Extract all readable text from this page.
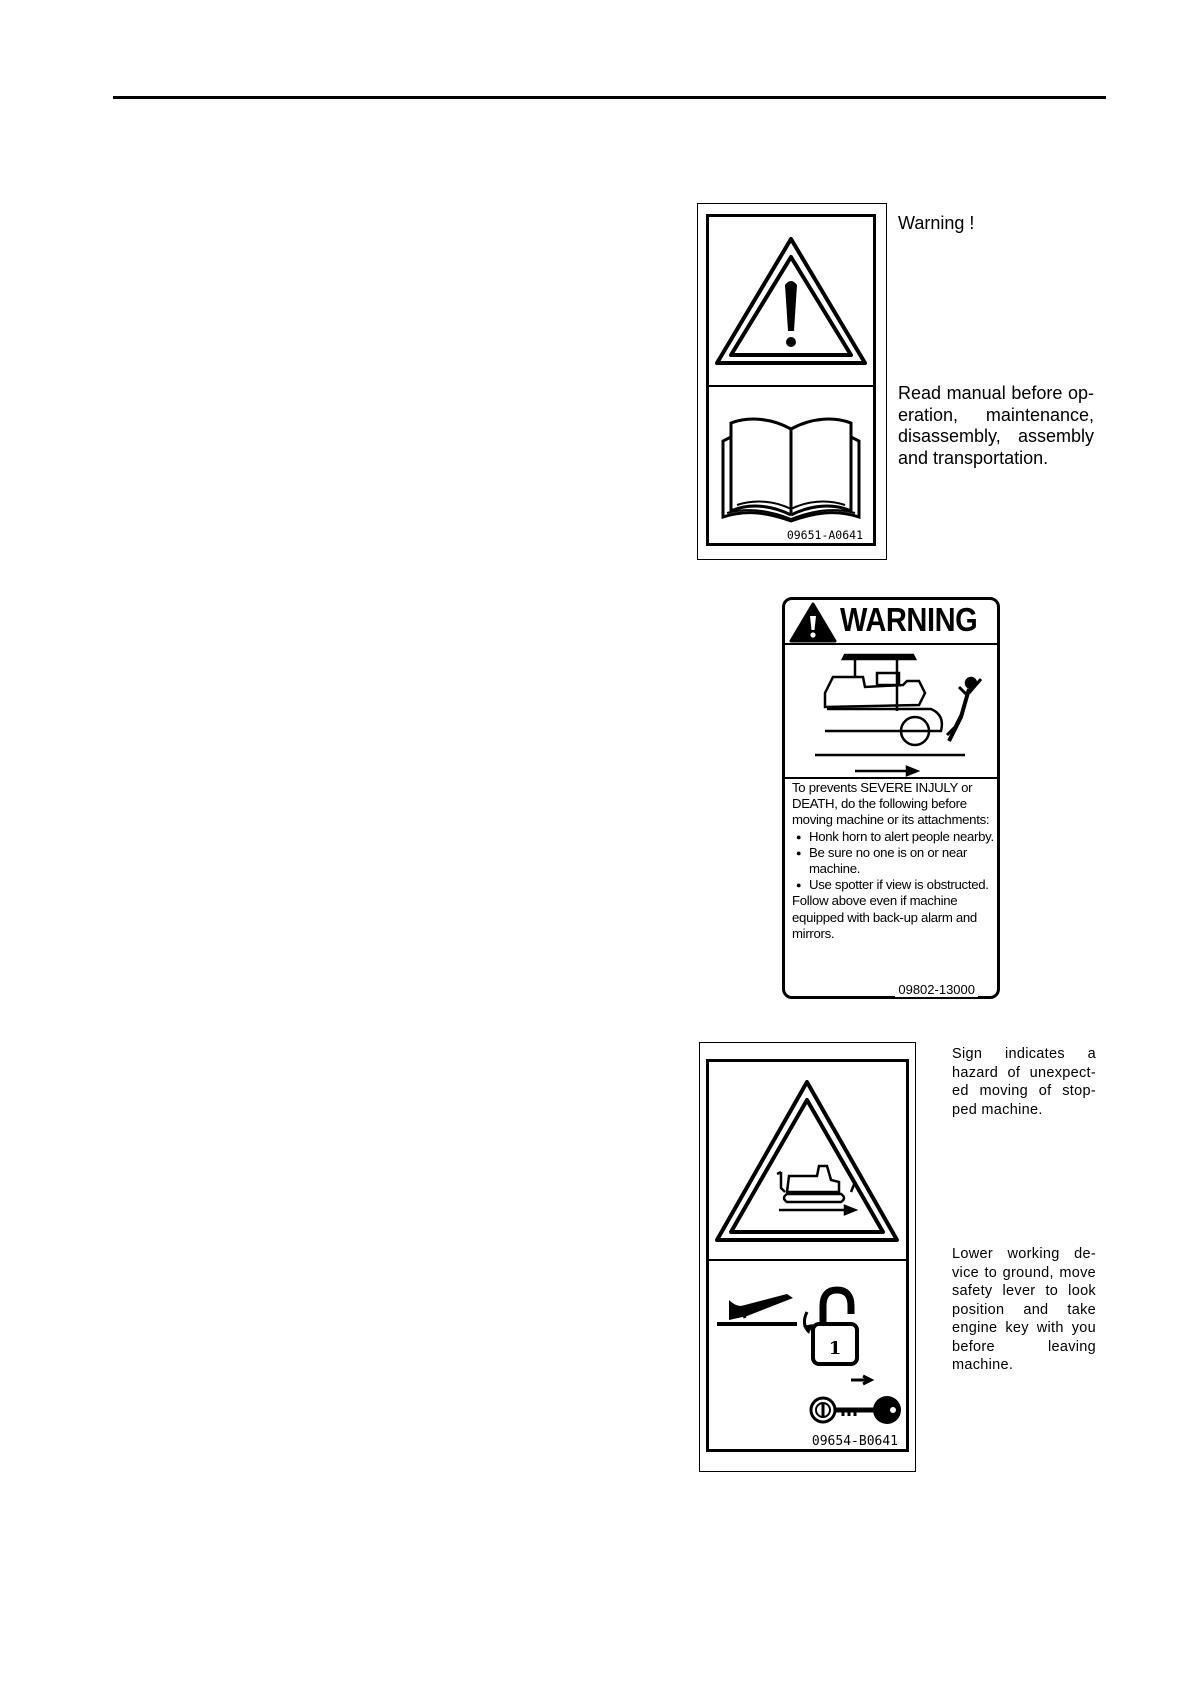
09651-A0641
Warning !
Read manual before op-eration, maintenance, disassembly, assembly and transportation.
WARNING

To prevents SEVERE INJULY or DEATH, do the following before moving machine or its attachments:

● Honk horn to alert people nearby.

● Be sure no one is on or near machine.

● Use spotter if view is obstructed.

Follow above even if machine equipped with back-up alarm and mirrors.

09802-13000
1
09654-B0641
Sign indicates a hazard of unexpect-ed moving of stop-ped machine.
Lower working de-vice to ground, move safety lever to look position and take engine key with you before leaving machine.
